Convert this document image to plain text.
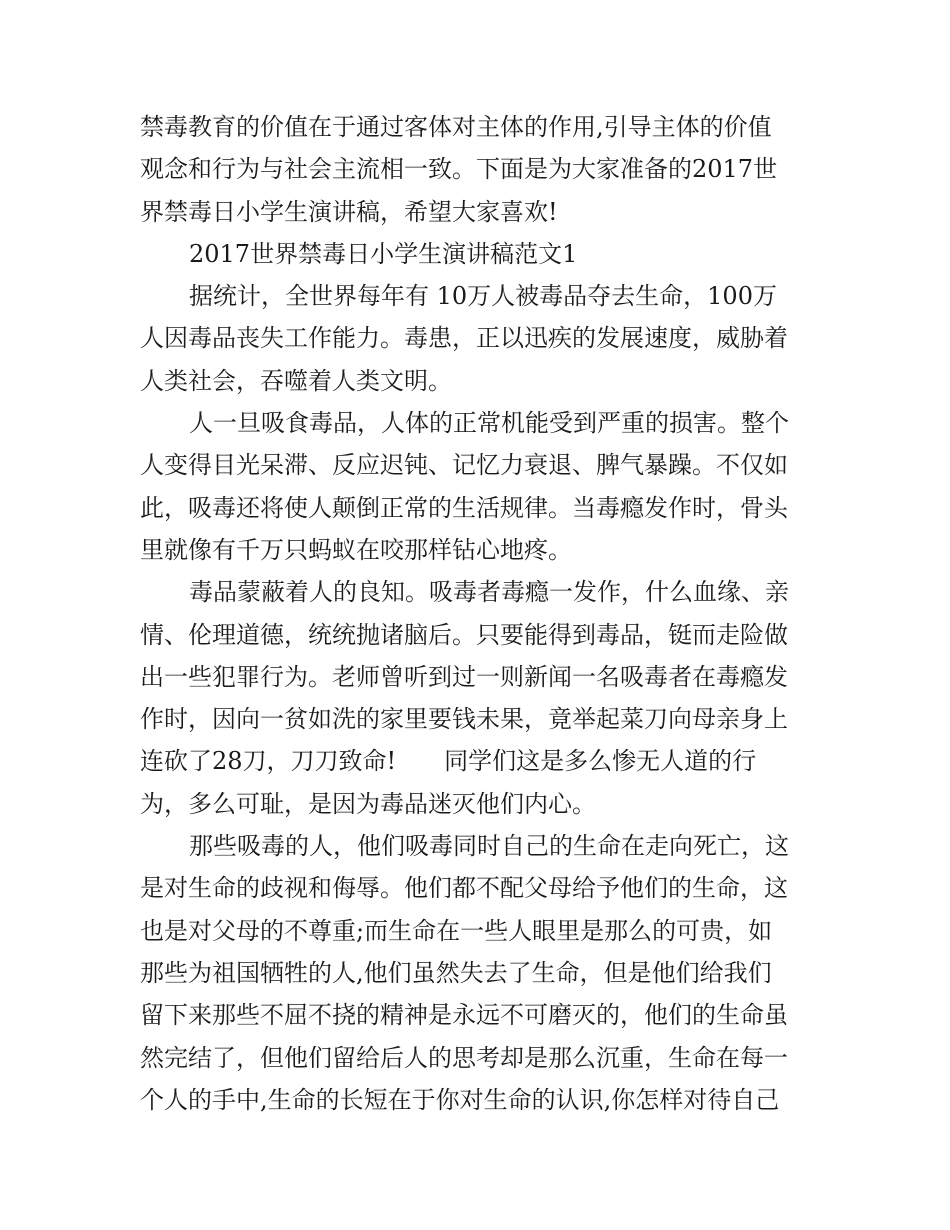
禁毒教育的价值在于通过客体对主体的作用,引导主体的价值
观念和行为与社会主流相一致。下面是为大家准备的2017世
界禁毒日小学生演讲稿，希望大家喜欢!
2017世界禁毒日小学生演讲稿范文1
据统计，全世界每年有 10万人被毒品夺去生命，100万
人因毒品丧失工作能力。毒患，正以迅疾的发展速度，威胁着
人类社会，吞噬着人类文明。
人一旦吸食毒品，人体的正常机能受到严重的损害。整个
人变得目光呆滞、反应迟钝、记忆力衰退、脾气暴躁。不仅如
此，吸毒还将使人颠倒正常的生活规律。当毒瘾发作时，骨头
里就像有千万只蚂蚁在咬那样钻心地疼。
毒品蒙蔽着人的良知。吸毒者毒瘾一发作，什么血缘、亲
情、伦理道德，统统抛诸脑后。只要能得到毒品，铤而走险做
出一些犯罪行为。老师曾听到过一则新闻一名吸毒者在毒瘾发
作时，因向一贫如洗的家里要钱未果，竟举起菜刀向母亲身上
连砍了28刀，刀刀致命!　　同学们这是多么惨无人道的行
为，多么可耻，是因为毒品迷灭他们内心。
那些吸毒的人，他们吸毒同时自己的生命在走向死亡，这
是对生命的歧视和侮辱。他们都不配父母给予他们的生命，这
也是对父母的不尊重;而生命在一些人眼里是那么的可贵，如
那些为祖国牺牲的人,他们虽然失去了生命，但是他们给我们
留下来那些不屈不挠的精神是永远不可磨灭的，他们的生命虽
然完结了，但他们留给后人的思考却是那么沉重，生命在每一
个人的手中,生命的长短在于你对生命的认识,你怎样对待自己
